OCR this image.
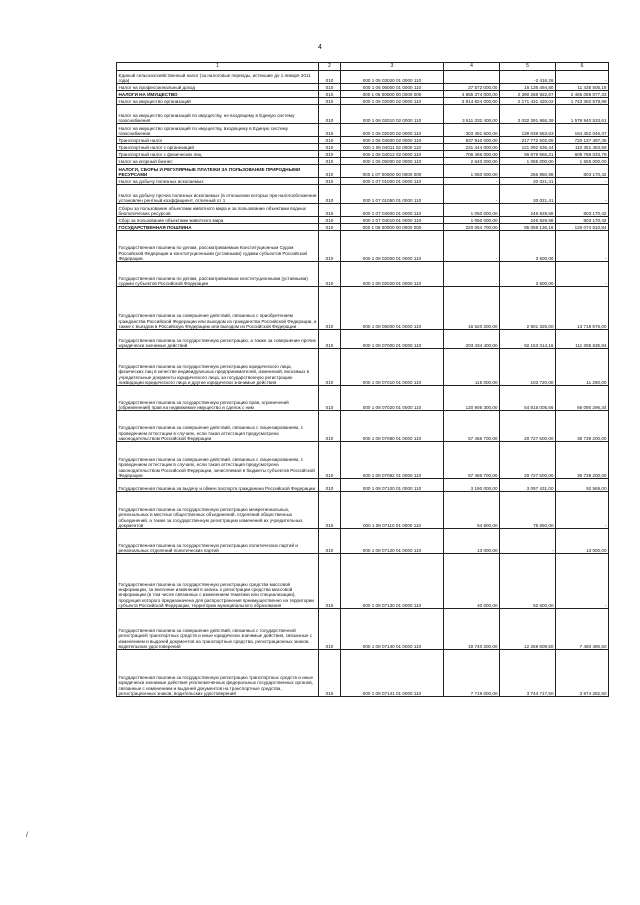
4
1	2	3	4	5	6
Единый сельскохозяйственный налог (за налоговые периоды, истекшие до 1 января 2011 года)	010	000 1 05 03020 01 0000 110		-2 416,26	-
Налог на профессиональный доход	010	000 1 05 06000 01 0000 110	27 572 000,00	16 136 494,80	11 435 505,19
НАЛОГИ НА ИМУЩЕСТВО	010	000 1 06 00000 00 0000 000	4 855 374 000,00	2 390 288 922,67	2 465 085 077,33
Налог на имущество организаций	010	000 1 06 02000 02 0000 110	3 914 824 000,00	2 171 431 420,02	1 743 392 579,98
Налог на имущество организаций по имуществу, не входящему в Единую систему газоснабжения	010	000 1 06 02010 02 0000 110	3 611 332 400,00	2 032 391 866,39	1 578 940 533,61
Налог на имущество организаций по имуществу, входящему в Единую систему газоснабжения	010	000 1 06 02020 02 0000 110	303 491 600,00	139 039 553,63	164 452 046,37
Транспортный налог	010	000 1 06 04000 02 0000 110	937 910 000,00	217 772 502,65	720 137 497,35
Транспортный налог с организаций	010	000 1 06 04011 02 0000 110	231 444 000,00	121 092 536,44	110 351 463,56
Транспортный налог с физических лиц	010	000 1 06 04012 02 0000 110	706 466 000,00	96 679 966,21	609 786 033,79
Налог на игорный бизнес	010	000 1 06 05000 02 0000 110	2 640 000,00	1 085 000,00	1 555 000,00
НАЛОГИ, СБОРЫ И РЕГУЛЯРНЫЕ ПЛАТЕЖИ ЗА ПОЛЬЗОВАНИЕ ПРИРОДНЫМИ РЕСУРСАМИ	010	000 1 07 00000 00 0000 000	1 050 000,00	266 850,98	803 170,42
Налог на добычу полезных ископаемых	010	000 1 07 01000 01 0000 110	-	20 021,41	-
Налог на добычу прочих полезных ископаемых (в отношении которых при налогообложении установлен рентный коэффициент, отличный от 1	010	000 1 07 01080 01 0000 110	-	20 021,41	-
Сборы за пользование объектами животного мира и за пользование объектами водных биологических ресурсов	010	000 1 07 04000 01 0000 110	1 050 000,00	246 829,58	803 170,42
Сбор за пользование объектами животного мира	010	000 1 07 04010 01 0000 110	1 050 000,00	246 829,58	803 170,42
ГОСУДАРСТВЕННАЯ ПОШЛИНА	010	000 1 08 00000 00 0000 000	220 054 700,00	95 058 136,16	125 074 610,84
Государственная пошлина по делам, рассматриваемым Конституционным Судом Российской Федерации и конституционными (уставными) судами субъектов Российской Федерации	010	000 1 08 02000 01 0000 110	-	3 500,00	-
Государственная пошлина по делам, рассматриваемым конституционными (уставными) судами субъектов Российской Федерации	010	000 1 08 02020 01 0000 110	-	3 500,00	-
Государственная пошлина за совершение действий, связанных с приобретением гражданства Российской Федерации или выходом из гражданства Российской Федерации, а также с въездом в Российскую Федерацию или выездом из Российской Федерации	010	000 1 08 06000 01 0000 110	16 620 300,00	2 901 325,00	13 718 975,00
Государственная пошлина за государственную регистрацию, а также за совершение прочих юридически значимых действий	010	000 1 08 07000 01 0000 110	203 434 400,00	92 153 314,16	111 355 635,84
Государственная пошлина за государственную регистрацию юридического лица, физических лиц в качестве индивидуальных предпринимателей, изменений, вносимых в учредительные документы юридического лица, за государственную регистрацию ликвидации юридического лица и другие юридически значимые действия	010	000 1 08 07010 01 0000 110	115 000,00	103 720,00	11 280,00
Государственная пошлина за государственную регистрацию прав, ограничений (обременений) прав на недвижимое имущество и сделок с ним	010	000 1 08 07020 01 0000 110	120 905 300,00	54 815 005,66	66 090 296,34
Государственная пошлина за совершение действий, связанных с лицензированием, с проведением аттестации в случаях, если такая аттестация предусмотрена законодательством Российской Федерации	010	000 1 08 07080 01 0000 110	57 466 700,00	20 727 500,00	36 739 200,00
Государственная пошлина за совершение действий, связанных с лицензированием, с проведением аттестации в случаях, если такая аттестация предусмотрена законодательством Российской Федерации, зачисляемая в бюджеты субъектов Российской Федерации	010	000 1 08 07082 01 0000 110	57 466 700,00	20 727 500,00	36 739 200,00
Государственная пошлина за выдачу и обмен паспорта гражданина Российской Федерации	010	000 1 08 07100 01 0000 110	3 190 000,00	3 097 431,00	92 569,00
Государственная пошлина за государственную регистрацию межрегиональных, региональных и местных общественных объединений, отделений общественных объединений, а также за государственную регистрацию изменений их учредительных документов	010	000 1 08 07110 01 0000 110	54 800,00	75 650,00	-
Государственная пошлина за государственную регистрацию политических партий и региональных отделений политических партий	010	000 1 08 07120 01 0000 110	13 000,00	-	13 000,00
Государственная пошлина за государственную регистрацию средства массовой информации, за внесение изменений в запись о регистрации средства массовой информации (в том числе связанных с изменением тематики или специализации), продукция которого предназначена для распространения преимущественно на территории субъекта Российской Федерации, территории муниципального образования	010	000 1 08 07130 01 0000 110	40 000,00	52 600,00	-
Государственная пошлина за совершение действий, связанных с государственной регистрацией транспортных средств и иные юридически значимые действия, связанные с изменением и выдачей документов на транспортные средства, регистрационных знаков, водительских удостоверений	010	000 1 08 07140 01 0000 110	19 740 300,00	12 259 809,50	7 480 490,50
Государственная пошлина за государственную регистрацию транспортных средств и иные юридически значимые действия уполномоченных федеральных государственных органов, связанные с изменением и выдачей документов на транспортные средства, регистрационных знаков, водительских удостоверений	010	000 1 08 07141 01 0000 110	7 719 000,00	3 744 717,50	3 974 282,50
/
